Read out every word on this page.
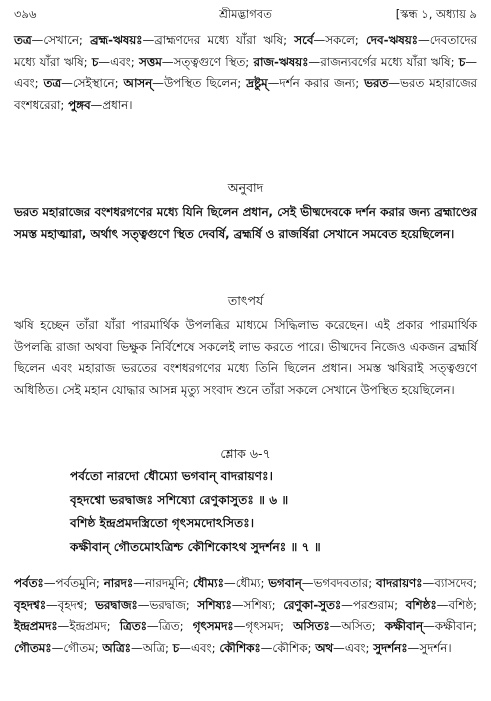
৩৯৬	শ্রীমদ্ভাগবত	[স্কন্ধ ১, অধ্যায় ৯
তত্র—সেখানে; ব্রহ্ম-ঋষয়ঃ—ব্রাহ্মণদের মধ্যে যাঁরা ঋষি; সর্বে—সকলে; দেব-ঋষয়ঃ—দেবতাদের মধ্যে যাঁরা ঋষি; চ—এবং; সত্তম—সত্ত্বগুণে স্থিত; রাজ-ঋষয়ঃ—রাজন্যবর্গের মধ্যে যাঁরা ঋষি; চ—এবং; তত্র—সেইস্থানে; আসন্—উপস্থিত ছিলেন; দ্রষ্টুম্—দর্শন করার জন্য; ভরত—ভরত মহারাজের বংশধরেরা; পুঙ্গব—প্রধান।
অনুবাদ
ভরত মহারাজের বংশধরগণের মধ্যে যিনি ছিলেন প্রধান, সেই ভীষ্মদেবকে দর্শন করার জন্য ব্রহ্মাণ্ডের সমস্ত মহাত্মারা, অর্থাৎ সত্ত্বগুণে স্থিত দেবর্ষি, ব্রহ্মর্ষি ও রাজর্ষিরা সেখানে সমবেত হয়েছিলেন।
তাৎপর্য
ঋষি হচ্ছেন তাঁরা যাঁরা পারমার্থিক উপলব্ধির মাধ্যমে সিদ্ধিলাভ করেছেন। এই প্রকার পারমার্থিক উপলব্ধি রাজা অথবা ভিক্ষুক নির্বিশেষে সকলেই লাভ করতে পারে। ভীষ্মদেব নিজেও একজন ব্রহ্মর্ষি ছিলেন এবং মহারাজ ভরতের বংশধরগণের মধ্যে তিনি ছিলেন প্রধান। সমস্ত ঋষিরাই সত্ত্বগুণে অধিষ্ঠিত। সেই মহান যোদ্ধার আসন্ন মৃত্যু সংবাদ শুনে তাঁরা সকলে সেখানে উপস্থিত হয়েছিলেন।
শ্লোক ৬-৭
পর্বতো নারদো ধৌম্যো ভগবান্ বাদরায়ণঃ।
বৃহদশ্বো ভরদ্বাজঃ সশিষ্যো রেণুকাসুতঃ ॥ ৬ ॥
বশিষ্ঠ ইন্দ্রপ্রমদস্ত্রিতো গৃৎসমদোঽসিতঃ।
কক্ষীবান্ গৌতমোঽত্রিশ্চ কৌশিকোঽথ সুদর্শনঃ ॥ ৭ ॥
পর্বতঃ—পর্বতমুনি; নারদঃ—নারদমুনি; ধৌম্যঃ—ধৌম্য; ভগবান্—ভগবদবতার; বাদরায়ণঃ—ব্যাসদেব; বৃহদশ্বঃ—বৃহদশ্ব; ভরদ্বাজঃ—ভরদ্বাজ; সশিষ্যঃ—সশিষ্য; রেণুকা-সুতঃ—পরশুরাম; বশিষ্ঠঃ—বশিষ্ঠ; ইন্দ্রপ্রমদঃ—ইন্দ্রপ্রমদ; ত্রিতঃ—ত্রিত; গৃৎসমদঃ—গৃৎসমদ; অসিতঃ—অসিত; কক্ষীবান্—কক্ষীবান; গৌতমঃ—গৌতম; অত্রিঃ—অত্রি; চ—এবং; কৌশিকঃ—কৌশিক; অথ—এবং; সুদর্শনঃ—সুদর্শন।
